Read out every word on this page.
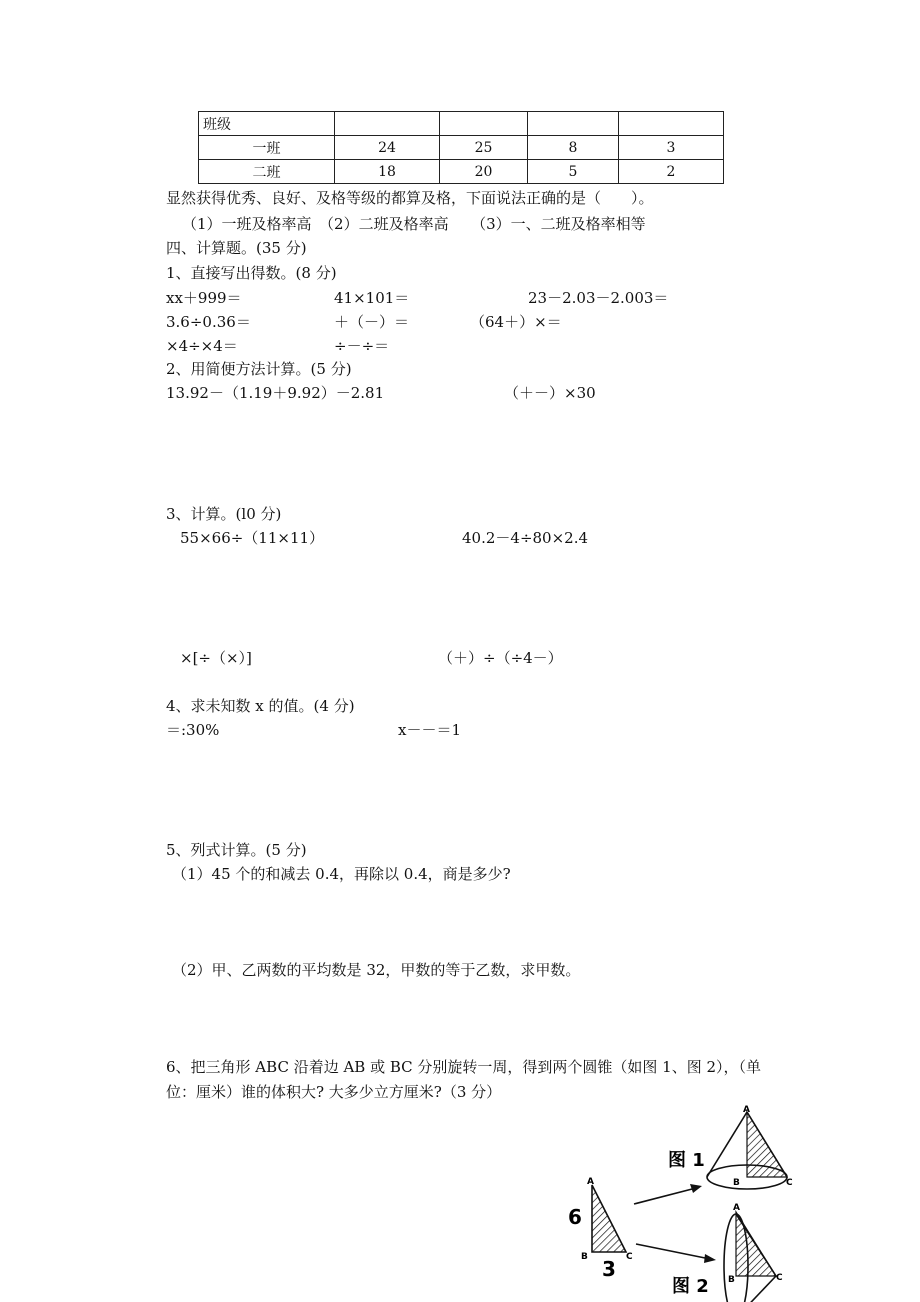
班级				
一班	24	25	8	3
二班	18	20	5	2
显然获得优秀、良好、及格等级的都算及格，下面说法正确的是（　　）。
（1）一班及格率高　（2）二班及格率高　　（3）一、二班及格率相等
四、计算题。(35 分)
1、直接写出得数。(8 分)
xx＋999＝	41×101＝	23－2.03－2.003＝
3.6÷0.36＝	＋（－）＝	（64＋）×＝
×4÷×4＝	÷－÷＝
2、用简便方法计算。(5 分)
13.92－（1.19＋9.92）－2.81	（＋－）×30
3、计算。(l0 分)
55×66÷（11×11）	40.2－4÷80×2.4
×[÷（×）]	（＋）÷（÷4－）
4、求未知数 x 的值。(4 分)
＝:30%	x－－＝1
5、列式计算。(5 分)
（1）45 个的和减去 0.4，再除以 0.4，商是多少?
（2）甲、乙两数的平均数是 32，甲数的等于乙数，求甲数。
6、把三角形 ABC 沿着边 AB 或 BC 分别旋转一周，得到两个圆锥（如图 1、图 2），（单
位：厘米）谁的体积大? 大多少立方厘米?（3 分）
图 1
A
B	C
6
3
A
B	C
图 2
A
B	C
